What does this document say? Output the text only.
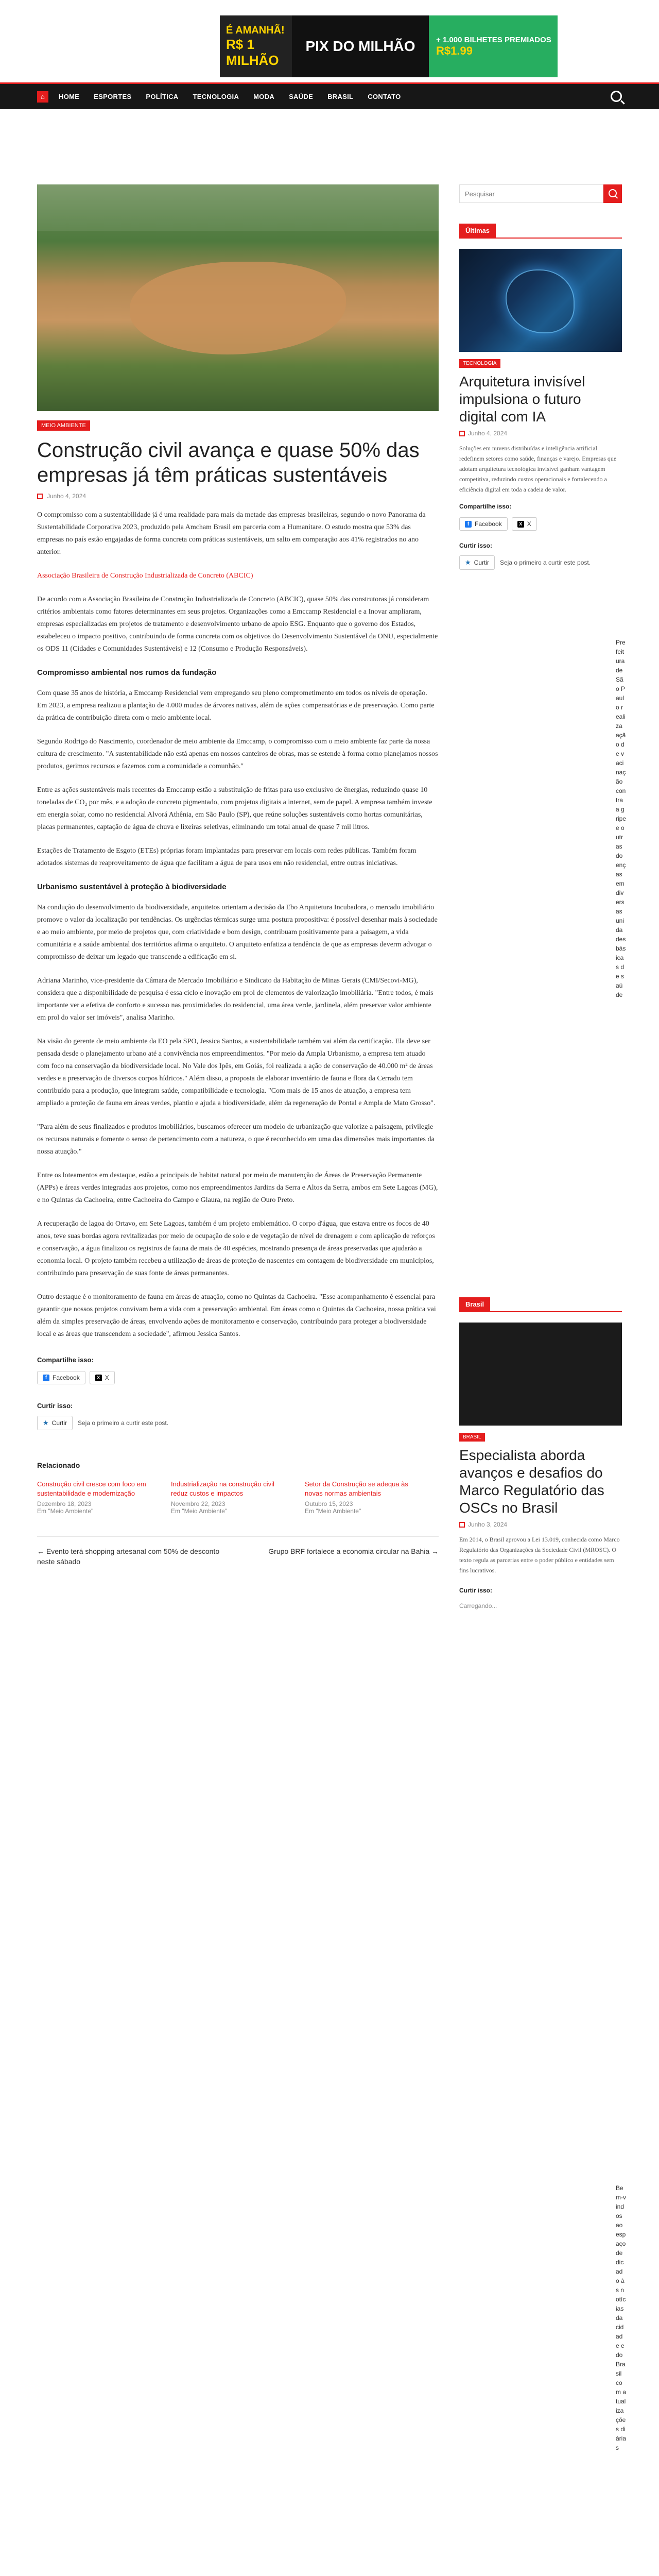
É AMANHÃ!
R$ 1 MILHÃO
PIX DO MILHÃO	+ 1.000 BILHETES PREMIADOS
R$1.99
⌂	HOME	ESPORTES	POLÍTICA	TECNOLOGIA	MODA	SAÚDE	BRASIL	CONTATO
MEIO AMBIENTE
Construção civil avança e quase 50% das empresas já têm práticas sustentáveis
Junho 4, 2024

O compromisso com a sustentabilidade já é uma realidade para mais da metade das empresas brasileiras, segundo o novo Panorama da Sustentabilidade Corporativa 2023, produzido pela Amcham Brasil em parceria com a Humanitare. O estudo mostra que 53% das empresas no país estão engajadas de forma concreta com práticas sustentáveis, um salto em comparação aos 41% registrados no ano anterior.

Associação Brasileira de Construção Industrializada de Concreto (ABCIC)

De acordo com a Associação Brasileira de Construção Industrializada de Concreto (ABCIC), quase 50% das construtoras já consideram critérios ambientais como fatores determinantes em seus projetos. Organizações como a Emccamp Residencial e a Inovar ampliaram, empresas especializadas em projetos de tratamento e desenvolvimento urbano de apoio ESG. Enquanto que o governo dos Estados, estabeleceu o impacto positivo, contribuindo de forma concreta com os objetivos do Desenvolvimento Sustentável da ONU, especialmente os ODS 11 (Cidades e Comunidades Sustentáveis) e 12 (Consumo e Produção Responsáveis).

Compromisso ambiental nos rumos da fundação

Com quase 35 anos de história, a Emccamp Residencial vem empregando seu pleno comprometimento em todos os níveis de operação. Em 2023, a empresa realizou a plantação de 4.000 mudas de árvores nativas, além de ações compensatórias e de preservação. Como parte da prática de contribuição direta com o meio ambiente local.

Segundo Rodrigo do Nascimento, coordenador de meio ambiente da Emccamp, o compromisso com o meio ambiente faz parte da nossa cultura de crescimento. "A sustentabilidade não está apenas em nossos canteiros de obras, mas se estende à forma como planejamos nossos produtos, gerimos recursos e fazemos com a comunidade a comunhão."

Entre as ações sustentáveis mais recentes da Emccamp estão a substituição de fritas para uso exclusivo de ênergias, reduzindo quase 10 toneladas de CO₂ por mês, e a adoção de concreto pigmentado, com projetos digitais a internet, sem de papel. A empresa também investe em energia solar, como no residencial Alvorá Athênia, em São Paulo (SP), que reúne soluções sustentáveis como hortas comunitárias, placas permanentes, captação de água de chuva e lixeiras seletivas, eliminando um total anual de quase 7 mil litros.

Estações de Tratamento de Esgoto (ETEs) próprias foram implantadas para preservar em locais com redes públicas. Também foram adotados sistemas de reaproveitamento de água que facilitam a água de para usos em não residencial, entre outras iniciativas.

Urbanismo sustentável à proteção à biodiversidade

Na condução do desenvolvimento da biodiversidade, arquitetos orientam a decisão da Ebo Arquitetura Incubadora, o mercado imobiliário promove o valor da localização por tendências. Os urgências térmicas surge uma postura propositiva: é possível desenhar mais à sociedade e ao meio ambiente, por meio de projetos que, com criatividade e bom design, contribuam positivamente para a paisagem, a vida comunitária e a saúde ambiental dos territórios afirma o arquiteto. O arquiteto enfatiza a tendência de que as empresas deverm advogar o compromisso de deixar um legado que transcende a edificação em si.

Adriana Marinho, vice-presidente da Câmara de Mercado Imobiliário e Sindicato da Habitação de Minas Gerais (CMI/Secovi-MG), considera que a disponibilidade de pesquisa é essa ciclo e inovação em prol de elementos de valorização imobiliária. "Entre todos, é mais importante ver a efetiva de conforto e sucesso nas proximidades do residencial, uma área verde, jardinela, além preservar valor ambiente em prol do valor ser imóveis", analisa Marinho.

Na visão do gerente de meio ambiente da EO pela SPO, Jessica Santos, a sustentabilidade também vai além da certificação. Ela deve ser pensada desde o planejamento urbano até a convivência nos empreendimentos. "Por meio da Ampla Urbanismo, a empresa tem atuado com foco na conservação da biodiversidade local. No Vale dos Ipês, em Goiás, foi realizada a ação de conservação de 40.000 m² de áreas verdes e a preservação de diversos corpos hídricos." Além disso, a proposta de elaborar inventário de fauna e flora da Cerrado tem contribuído para a produção, que integram saúde, compatibilidade e tecnologia. "Com mais de 15 anos de atuação, a empresa tem ampliado a proteção de fauna em áreas verdes, plantio e ajuda a biodiversidade, além da regeneração de Pontal e Ampla de Mato Grosso".

"Para além de seus finalizados e produtos imobiliários, buscamos oferecer um modelo de urbanização que valorize a paisagem, privilegie os recursos naturais e fomente o senso de pertencimento com a natureza, o que é reconhecido em uma das dimensões mais importantes da nossa atuação."

Entre os loteamentos em destaque, estão a principais de habitat natural por meio de manutenção de Áreas de Preservação Permanente (APPs) e áreas verdes integradas aos projetos, como nos empreendimentos Jardins da Serra e Altos da Serra, ambos em Sete Lagoas (MG), e no Quintas da Cachoeira, entre Cachoeira do Campo e Glaura, na região de Ouro Preto.

A recuperação de lagoa do Ortavo, em Sete Lagoas, também é um projeto emblemático. O corpo d'água, que estava entre os focos de 40 anos, teve suas bordas agora revitalizadas por meio de ocupação de solo e de vegetação de nível de drenagem e com aplicação de reforços e conservação, a água finalizou os registros de fauna de mais de 40 espécies, mostrando presença de áreas preservadas que ajudarão a economia local. O projeto também recebeu a utilização de áreas de proteção de nascentes em contagem de biodiversidade em municípios, contribuindo para preservação de suas fonte de áreas permanentes.

Outro destaque é o monitoramento de fauna em áreas de atuação, como no Quintas da Cachoeira. "Esse acompanhamento é essencial para garantir que nossos projetos convivam bem a vida com a preservação ambiental. Em áreas como o Quintas da Cachoeira, nossa prática vai além da simples preservação de áreas, envolvendo ações de monitoramento e conservação, contribuindo para proteger a biodiversidade local e as áreas que transcendem a sociedade", afirmou Jessica Santos.

Compartilhe isso:
f Facebook	X X
Curtir isso:
★ Curtir Seja o primeiro a curtir este post.
Relacionado
Construção civil cresce com foco em sustentabilidade e modernização
Dezembro 18, 2023
Em "Meio Ambiente"
Industrialização na construção civil reduz custos e impactos
Novembro 22, 2023
Em "Meio Ambiente"
Setor da Construção se adequa às novas normas ambientais
Outubro 15, 2023
Em "Meio Ambiente"
← Evento terá shopping artesanal com 50% de desconto neste sábado
Grupo BRF fortalece a economia circular na Bahia →
Pesquisar
Últimas
TECNOLOGIA
Arquitetura invisível impulsiona o futuro digital com IA
Junho 4, 2024

Soluções em nuvens distribuídas e inteligência artificial redefinem setores como saúde, finanças e varejo. Empresas que adotam arquitetura tecnológica invisível ganham vantagem competitiva, reduzindo custos operacionais e fortalecendo a eficiência digital em toda a cadeia de valor.

Compartilhe isso:
f Facebook	X X
Curtir isso:
★ Curtir Seja o primeiro a curtir este post.
Prefeitura de São Paulo realiza ação de vacinação contra a gripe e outras doenças em diversas unidades básicas de saúde
Brasil
BRASIL
Especialista aborda avanços e desafios do Marco Regulatório das OSCs no Brasil
Junho 3, 2024

Em 2014, o Brasil aprovou a Lei 13.019, conhecida como Marco Regulatório das Organizações da Sociedade Civil (MROSC). O texto regula as parcerias entre o poder público e entidades sem fins lucrativos.

Curtir isso:
Carregando...
Bem-vindos ao espaço dedicado às notícias da cidade e do Brasil com atualizações diárias
